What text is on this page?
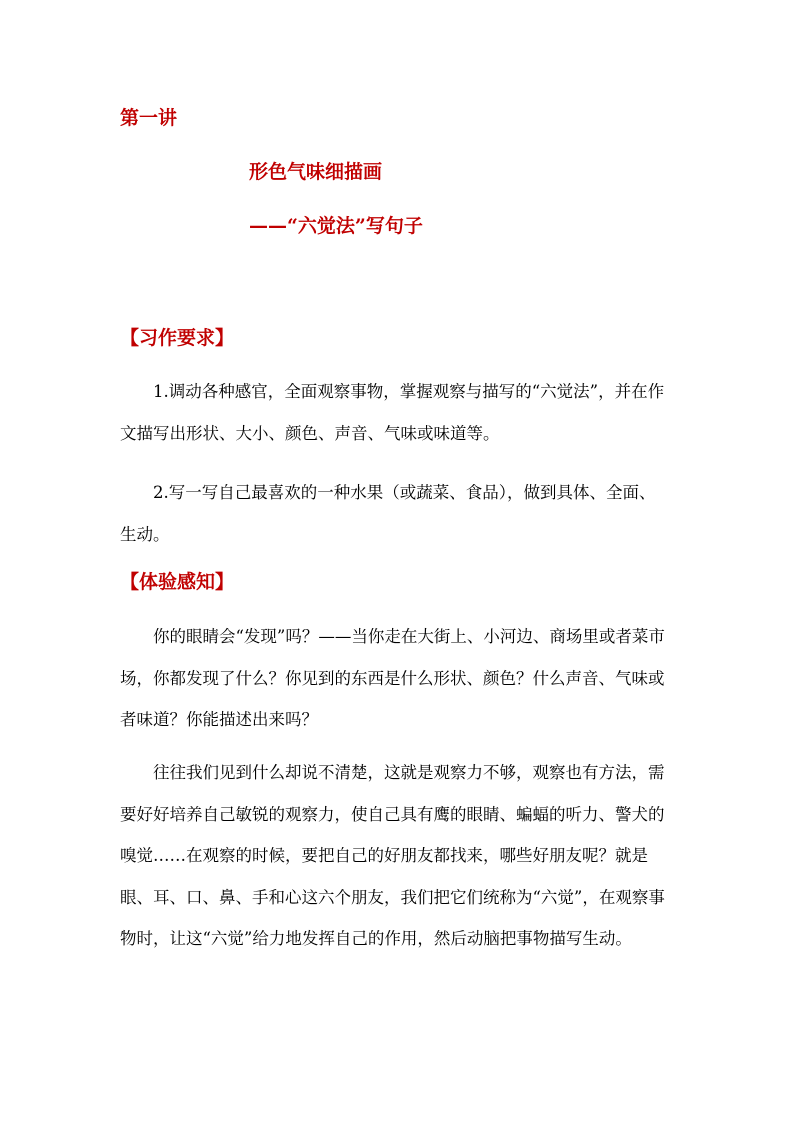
第一讲
形色气味细描画
——“六觉法”写句子
【习作要求】

1.调动各种感官，全面观察事物，掌握观察与描写的“六觉法”，并在作文描写出形状、大小、颜色、声音、气味或味道等。

2.写一写自己最喜欢的一种水果（或蔬菜、食品），做到具体、全面、生动。

【体验感知】

你的眼睛会“发现”吗？——当你走在大街上、小河边、商场里或者菜市场，你都发现了什么？你见到的东西是什么形状、颜色？什么声音、气味或者味道？你能描述出来吗？

往往我们见到什么却说不清楚，这就是观察力不够，观察也有方法，需要好好培养自己敏锐的观察力，使自己具有鹰的眼睛、蝙蝠的听力、警犬的嗅觉……在观察的时候，要把自己的好朋友都找来，哪些好朋友呢？就是眼、耳、口、鼻、手和心这六个朋友，我们把它们统称为“六觉”，在观察事物时，让这“六觉”给力地发挥自己的作用，然后动脑把事物描写生动。
